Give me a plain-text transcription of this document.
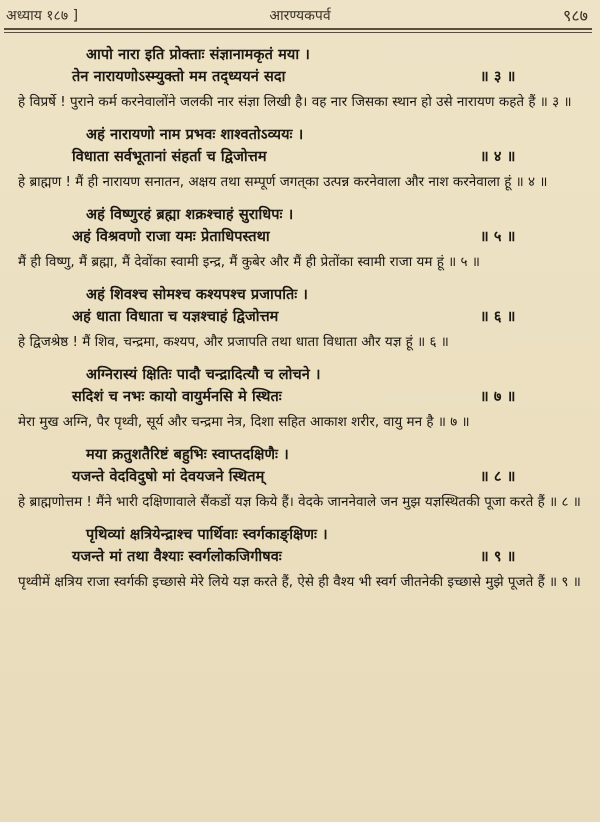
अध्याय १८७ ]	आरण्यकपर्व	९८७
आपो नारा इति प्रोक्ताः संज्ञानामकृतं मया ।
तेन नारायणोऽस्म्युक्तो मम तद्‌ध्ययनं सदा	॥ ३ ॥
हे विप्रर्षे ! पुराने कर्म करनेवालोंने जलकी नार संज्ञा लिखी है। वह नार जिसका स्थान हो उसे नारायण कहते हैं ॥ ३ ॥
अहं नारायणो नाम प्रभवः शाश्वतोऽव्ययः ।
विधाता सर्वभूतानां संहर्ता च द्विजोत्तम	॥ ४ ॥
हे ब्राह्मण ! मैं ही नारायण सनातन, अक्षय तथा सम्पूर्ण जगत्‌का उत्पन्न करनेवाला और नाश करनेवाला हूं ॥ ४ ॥
अहं विष्णुरहं ब्रह्मा शक्रश्चाहं सुराधिपः ।
अहं विश्रवणो राजा यमः प्रेताधिपस्तथा	॥ ५ ॥
मैं ही विष्णु, मैं ब्रह्मा, मैं देवोंका स्वामी इन्द्र, मैं कुबेर और मैं ही प्रेतोंका स्वामी राजा यम हूं ॥ ५ ॥
अहं शिवश्च सोमश्च कश्यपश्च प्रजापतिः ।
अहं धाता विधाता च यज्ञश्चाहं द्विजोत्तम	॥ ६ ॥
हे द्विजश्रेष्ठ ! मैं शिव, चन्द्रमा, कश्यप, और प्रजापति तथा धाता विधाता और यज्ञ हूं ॥ ६ ॥
अग्निरास्यं क्षितिः पादौ चन्द्रादित्यौ च लोचने ।
सदिशं च नभः कायो वायुर्मनसि मे स्थितः	॥ ७ ॥
मेरा मुख अग्नि, पैर पृथ्वी, सूर्य और चन्द्रमा नेत्र, दिशा सहित आकाश शरीर, वायु मन है ॥ ७ ॥
मया क्रतुशतैरिष्टं बहुभिः स्वाप्तदक्षिणैः ।
यजन्ते वेदविदुषो मां देवयजने स्थितम्	॥ ८ ॥
हे ब्राह्मणोत्तम ! मैंने भारी दक्षिणावाले सैंकडों यज्ञ किये हैं। वेदके जाननेवाले जन मुझ यज्ञस्थितकी पूजा करते हैं ॥ ८ ॥
पृथिव्यां क्षत्रियेन्द्राश्च पार्थिवाः स्वर्गकाङ्क्षिणः ।
यजन्ते मां तथा वैश्याः स्वर्गलोकजिगीषवः	॥ ९ ॥
पृथ्वीमें क्षत्रिय राजा स्वर्गकी इच्छासे मेरे लिये यज्ञ करते हैं, ऐसे ही वैश्य भी स्वर्ग जीतनेकी इच्छासे मुझे पूजते हैं ॥ ९ ॥
